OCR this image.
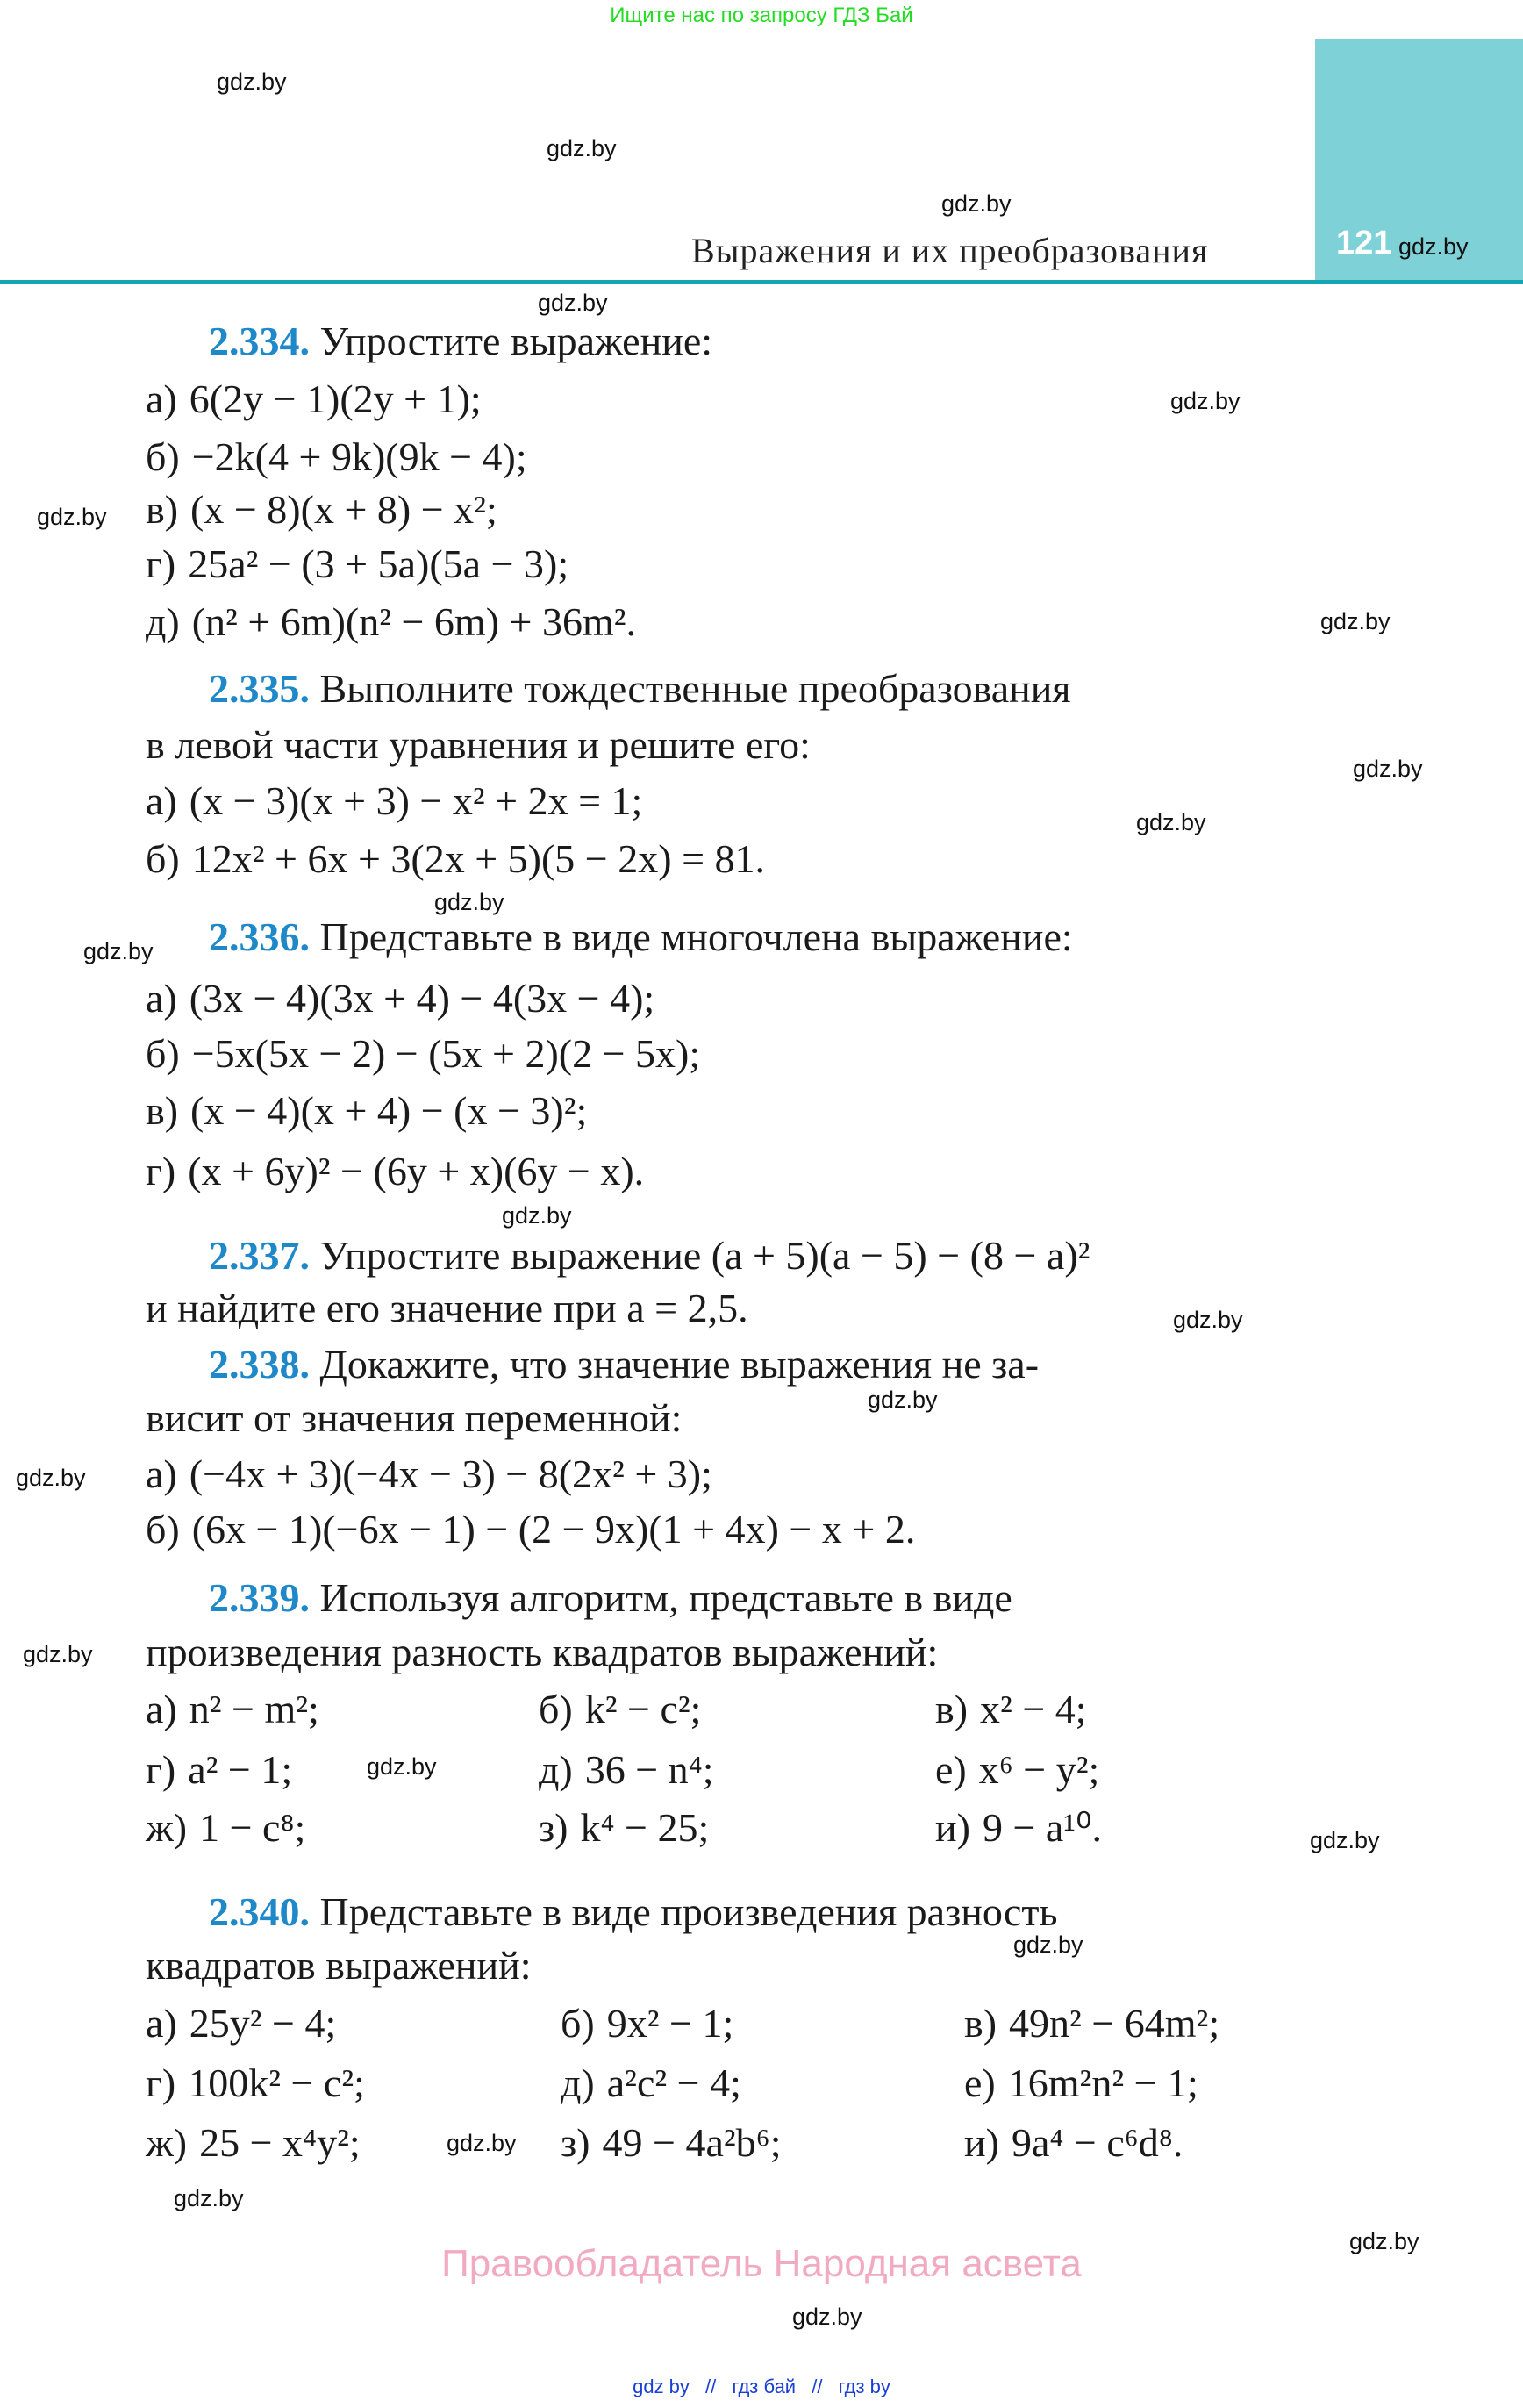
Ищите нас по запросу ГДЗ Бай
121
Выражения и их преобразования
2.334. Упростите выражение:
а) 6(2y − 1)(2y + 1);
б) −2k(4 + 9k)(9k − 4);
в) (x − 8)(x + 8) − x²;
г) 25a² − (3 + 5a)(5a − 3);
д) (n² + 6m)(n² − 6m) + 36m².
2.335. Выполните тождественные преобразования
в левой части уравнения и решите его:
а) (x − 3)(x + 3) − x² + 2x = 1;
б) 12x² + 6x + 3(2x + 5)(5 − 2x) = 81.
2.336. Представьте в виде многочлена выражение:
а) (3x − 4)(3x + 4) − 4(3x − 4);
б) −5x(5x − 2) − (5x + 2)(2 − 5x);
в) (x − 4)(x + 4) − (x − 3)²;
г) (x + 6y)² − (6y + x)(6y − x).
2.337. Упростите выражение (a + 5)(a − 5) − (8 − a)²
и найдите его значение при a = 2,5.
2.338. Докажите, что значение выражения не за-
висит от значения переменной:
а) (−4x + 3)(−4x − 3) − 8(2x² + 3);
б) (6x − 1)(−6x − 1) − (2 − 9x)(1 + 4x) − x + 2.
2.339. Используя алгоритм, представьте в виде
произведения разность квадратов выражений:
а) n² − m²;	б) k² − c²;	в) x² − 4;
г) a² − 1;	д) 36 − n⁴;	е) x⁶ − y²;
ж) 1 − c⁸;	з) k⁴ − 25;	и) 9 − a¹⁰.
2.340. Представьте в виде произведения разность
квадратов выражений:
а) 25y² − 4;	б) 9x² − 1;	в) 49n² − 64m²;
г) 100k² − c²;	д) a²c² − 4;	е) 16m²n² − 1;
ж) 25 − x⁴y²;	з) 49 − 4a²b⁶;	и) 9a⁴ − c⁶d⁸.
Правообладатель Народная асвета
gdz by // гдз бай // гдз by
gdz.by
gdz.by
gdz.by
gdz.by
gdz.by
gdz.by
gdz.by
gdz.by
gdz.by
gdz.by
gdz.by
gdz.by
gdz.by
gdz.by
gdz.by
gdz.by
gdz.by
gdz.by
gdz.by
gdz.by
gdz.by
gdz.by
gdz.by
gdz.by
